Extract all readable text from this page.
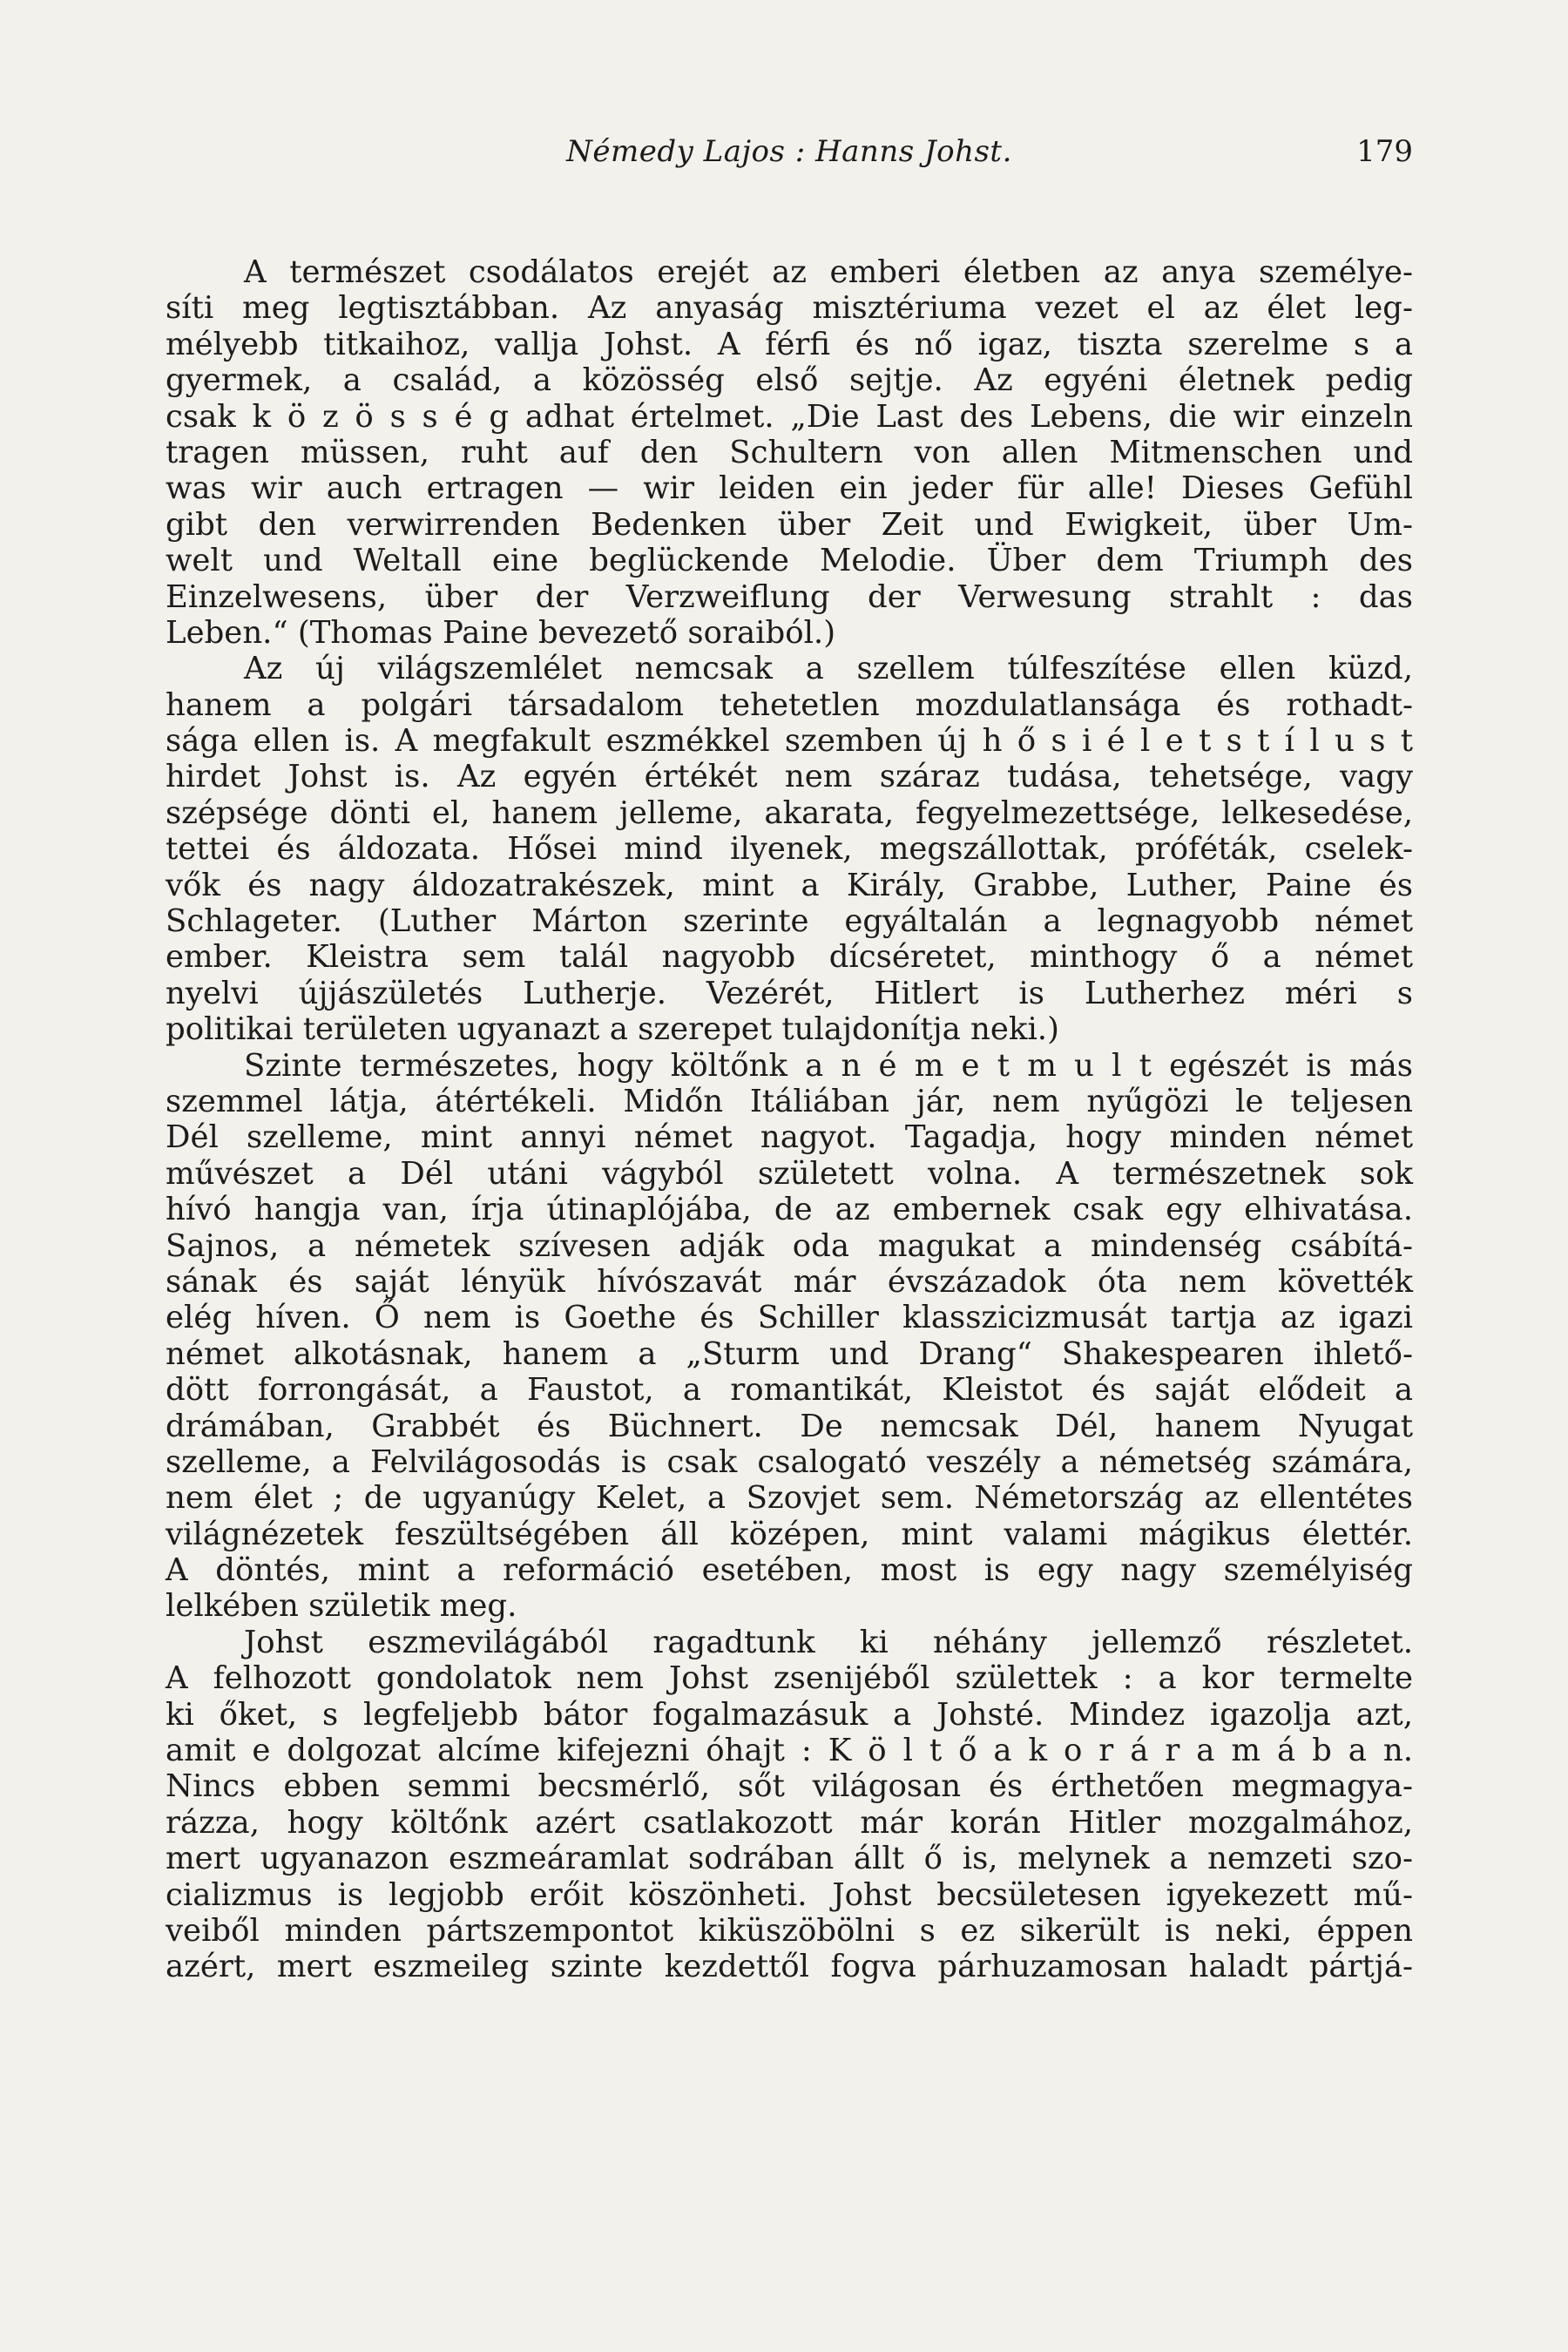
Némedy Lajos : Hanns Johst.	179
A természet csodálatos erejét az emberi életben az anya személye-
síti meg legtisztábban. Az anyaság misztériuma vezet el az élet leg-
mélyebb titkaihoz, vallja Johst. A férfi és nő igaz, tiszta szerelme s a
gyermek, a család, a közösség első sejtje. Az egyéni életnek pedig
csak k ö z ö s s é g adhat értelmet. „Die Last des Lebens, die wir einzeln
tragen müssen, ruht auf den Schultern von allen Mitmenschen und
was wir auch ertragen — wir leiden ein jeder für alle! Dieses Gefühl
gibt den verwirrenden Bedenken über Zeit und Ewigkeit, über Um-
welt und Weltall eine beglückende Melodie. Über dem Triumph des
Einzelwesens, über der Verzweiflung der Verwesung strahlt : das
Leben.“ (Thomas Paine bevezető soraiból.)
Az új világszemlélet nemcsak a szellem túlfeszítése ellen küzd,
hanem a polgári társadalom tehetetlen mozdulatlansága és rothadt-
sága ellen is. A megfakult eszmékkel szemben új h ő s i é l e t s t í l u s t
hirdet Johst is. Az egyén értékét nem száraz tudása, tehetsége, vagy
szépsége dönti el, hanem jelleme, akarata, fegyelmezettsége, lelkesedése,
tettei és áldozata. Hősei mind ilyenek, megszállottak, próféták, cselek-
vők és nagy áldozatrakészek, mint a Király, Grabbe, Luther, Paine és
Schlageter. (Luther Márton szerinte egyáltalán a legnagyobb német
ember. Kleistra sem talál nagyobb dícséretet, minthogy ő a német
nyelvi újjászületés Lutherje. Vezérét, Hitlert is Lutherhez méri s
politikai területen ugyanazt a szerepet tulajdonítja neki.)
Szinte természetes, hogy költőnk a n é m e t m u l t egészét is más
szemmel látja, átértékeli. Midőn Itáliában jár, nem nyűgözi le teljesen
Dél szelleme, mint annyi német nagyot. Tagadja, hogy minden német
művészet a Dél utáni vágyból született volna. A természetnek sok
hívó hangja van, írja útinaplójába, de az embernek csak egy elhivatása.
Sajnos, a németek szívesen adják oda magukat a mindenség csábítá-
sának és saját lényük hívószavát már évszázadok óta nem követték
elég híven. Ő nem is Goethe és Schiller klasszicizmusát tartja az igazi
német alkotásnak, hanem a „Sturm und Drang“ Shakespearen ihlető-
dött forrongását, a Faustot, a romantikát, Kleistot és saját elődeit a
drámában, Grabbét és Büchnert. De nemcsak Dél, hanem Nyugat
szelleme, a Felvilágosodás is csak csalogató veszély a németség számára,
nem élet ; de ugyanúgy Kelet, a Szovjet sem. Németország az ellentétes
világnézetek feszültségében áll középen, mint valami mágikus élettér.
A döntés, mint a reformáció esetében, most is egy nagy személyiség
lelkében születik meg.
Johst eszmevilágából ragadtunk ki néhány jellemző részletet.
A felhozott gondolatok nem Johst zsenijéből születtek : a kor termelte
ki őket, s legfeljebb bátor fogalmazásuk a Johsté. Mindez igazolja azt,
amit e dolgozat alcíme kifejezni óhajt : K ö l t ő a k o r á r a m á b a n.
Nincs ebben semmi becsmérlő, sőt világosan és érthetően megmagya-
rázza, hogy költőnk azért csatlakozott már korán Hitler mozgalmához,
mert ugyanazon eszmeáramlat sodrában állt ő is, melynek a nemzeti szo-
cializmus is legjobb erőit köszönheti. Johst becsületesen igyekezett mű-
veiből minden pártszempontot kiküszöbölni s ez sikerült is neki, éppen
azért, mert eszmeileg szinte kezdettől fogva párhuzamosan haladt pártjá-
